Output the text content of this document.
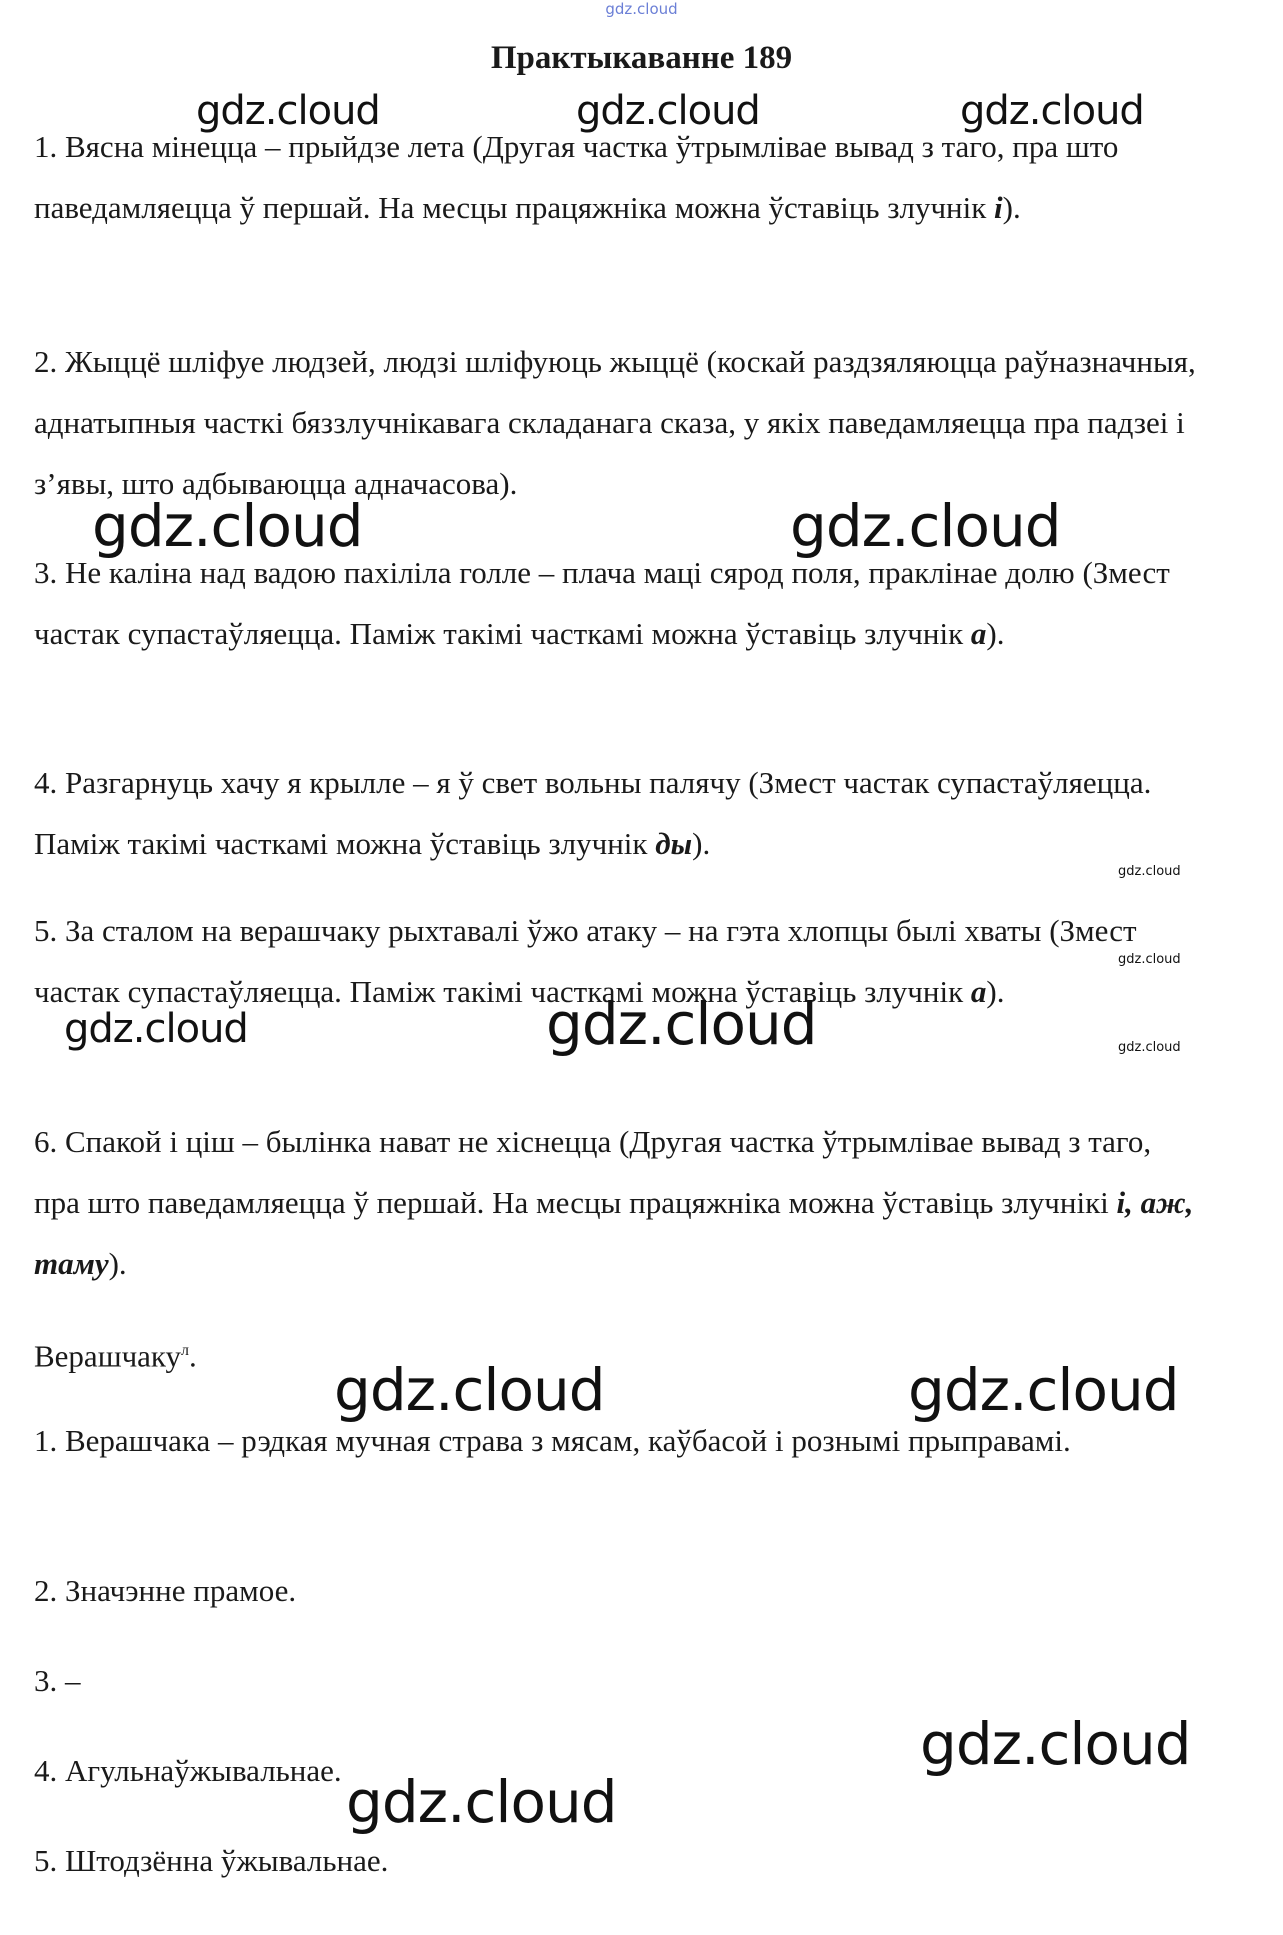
gdz.cloud
Практыкаванне 189

1. Вясна мінецца – прыйдзе лета (Другая частка ўтрымлівае вывад з таго, пра што паведамляецца ў першай. На месцы працяжніка можна ўставіць злучнік і).

2. Жыццё шліфуе людзей, людзі шліфуюць жыццё (коскай раздзяляюцца раўназначныя, аднатыпныя часткі бяззлучнікавага складанага сказа, у якіх паведамляецца пра падзеі і з’явы, што адбываюцца адначасова).

3. Не каліна над вадою пахіліла голле – плача маці сярод поля, праклінае долю (Змест частак супастаўляецца. Паміж такімі часткамі можна ўставіць злучнік а).

4. Разгарнуць хачу я крылле – я ў свет вольны палячу (Змест частак супастаўляецца. Паміж такімі часткамі можна ўставіць злучнік ды).

5. За сталом на верашчаку рыхтавалі ўжо атаку – на гэта хлопцы былі хваты (Змест частак супастаўляецца. Паміж такімі часткамі можна ўставіць злучнік а).

6. Спакой і ціш – былінка нават не хіснецца (Другая частка ўтрымлівае вывад з таго, пра што паведамляецца ў першай. На месцы працяжніка можна ўставіць злучнікі і, аж, таму).

Верашчаку$^л$.

1. Верашчака – рэдкая мучная страва з мясам, каўбасой і рознымі прыправамі.

2. Значэнне прамое.

3. –

4. Агульнаўжывальнае.

5. Штодзённа ўжывальнае.

gdz.cloud	gdz.cloud	gdz.cloud
gdz.cloud	gdz.cloud
gdz.cloud
gdz.cloud
gdz.cloud
gdz.cloud	gdz.cloud
gdz.cloud	gdz.cloud
gdz.cloud
gdz.cloud
